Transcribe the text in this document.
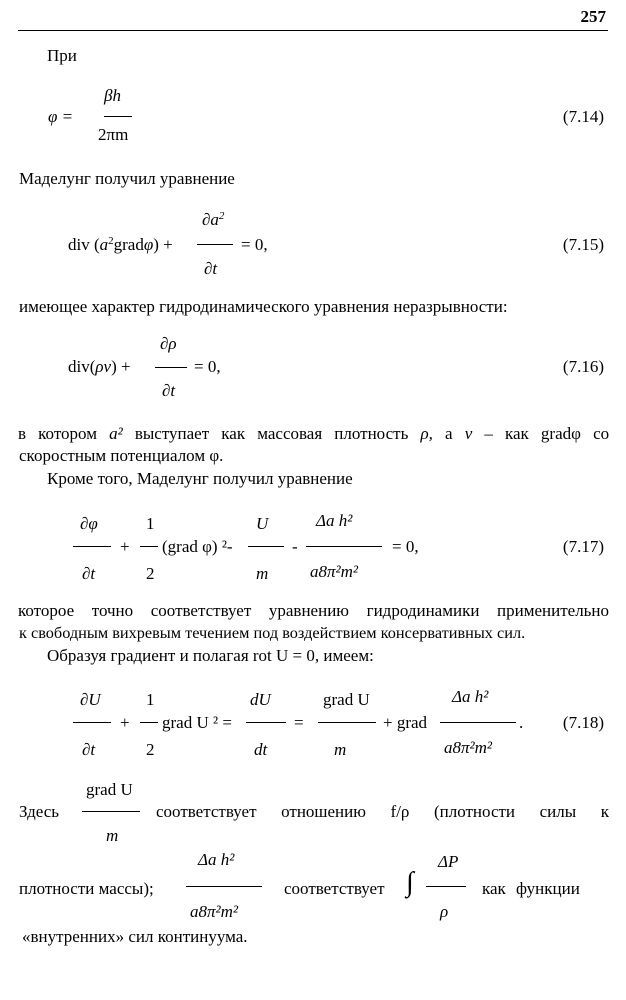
257
При
βh
2πm
φ =	(7.14)
Маделунг получил уравнение
div $(a^2grad\varphi)$ +
$\partial a^2$
∂t
= 0,	(7.15)
имеющее характер гидродинамического уравнения неразрывности:
div(ρv) +
∂ρ
∂t
= 0,	(7.16)
в котором a² выступает как массовая плотность ρ, а v – как gradφ со
скоростным потенциалом φ.
Кроме того, Маделунг получил уравнение
∂φ
∂t
+
1
2
(grad φ) ²-
U
m
-
Δa h²
a8π²m²
= 0,	(7.17)
которое точно соответствует уравнению гидродинамики применительно
к свободным вихревым течением под воздействием консервативных сил.
Образуя градиент и полагая rot U = 0, имеем:
∂U
∂t
+
1
2
grad U ² =
dU
dt
=
grad U
m
+ grad
Δa h²
a8π²m²
. (7.18)
Здесь
grad U
m
соответствует отношению f/ρ (плотности силы к
плотности массы);
Δa h²
a8π²m²
соответствует ∫
ΔP
ρ
как функции
«внутренних» сил континуума.
